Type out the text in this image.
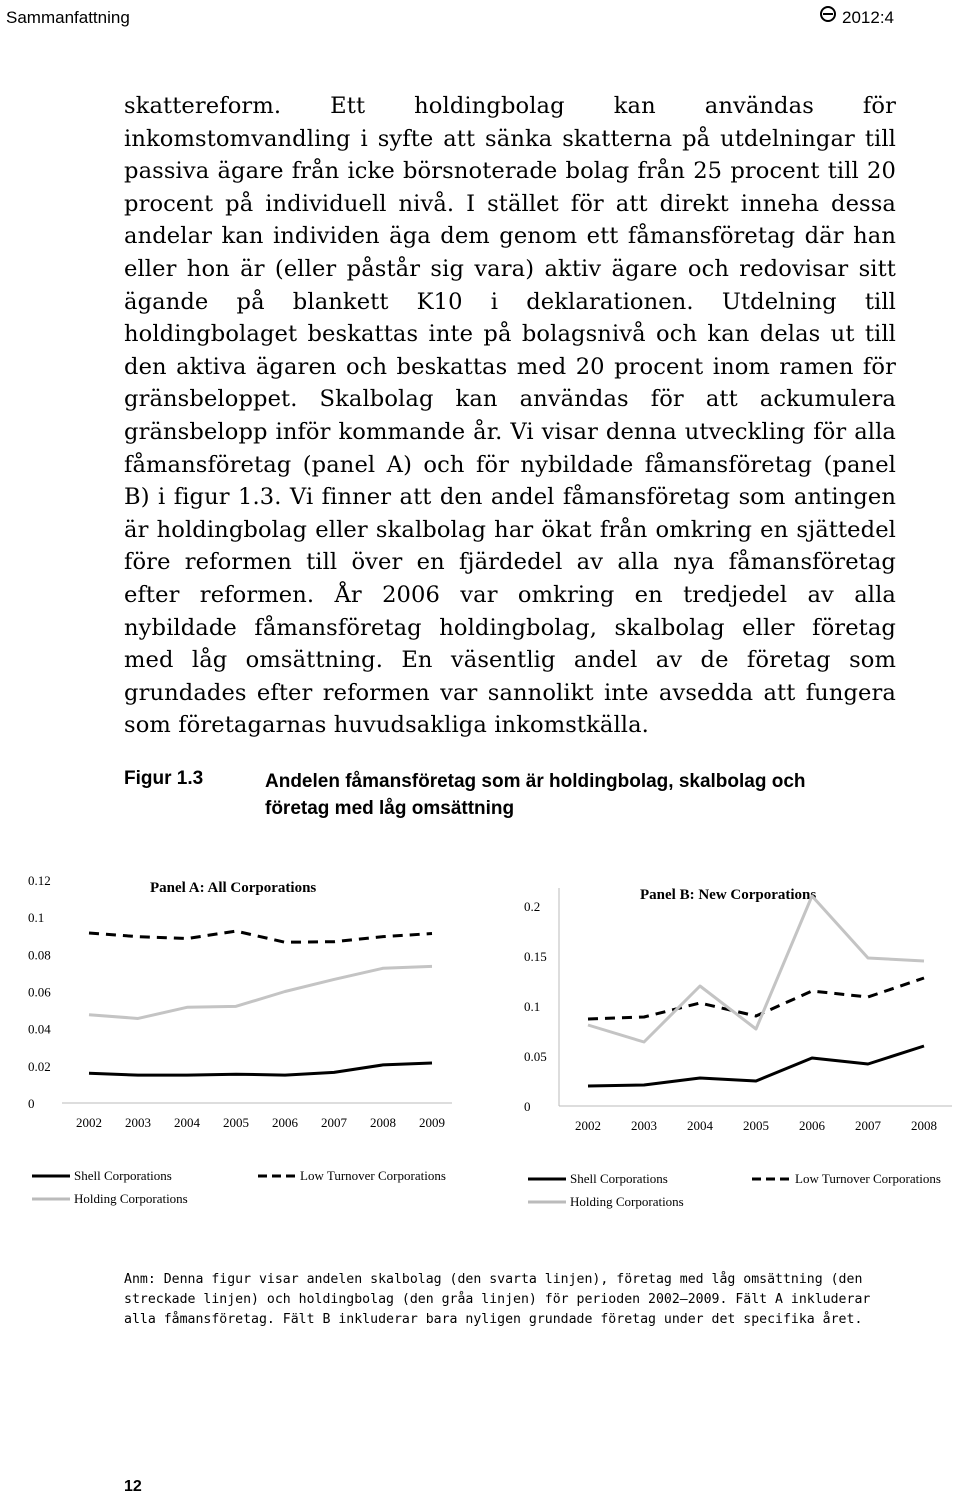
Sammanfattning	2012:4
skattereform. Ett holdingbolag kan användas för inkomstomvandling i syfte att sänka skatterna på utdelningar till passiva ägare från icke börsnoterade bolag från 25 procent till 20 procent på individuell nivå. I stället för att direkt inneha dessa andelar kan individen äga dem genom ett fåmansföretag där han eller hon är (eller påstår sig vara) aktiv ägare och redovisar sitt ägande på blankett K10 i deklarationen. Utdelning till holdingbolaget beskattas inte på bolagsnivå och kan delas ut till den aktiva ägaren och beskattas med 20 procent inom ramen för gränsbeloppet. Skalbolag kan användas för att ackumulera gränsbelopp inför kommande år. Vi visar denna utveckling för alla fåmansföretag (panel A) och för nybildade fåmansföretag (panel B) i figur 1.3. Vi finner att den andel fåmansföretag som antingen är holdingbolag eller skalbolag har ökat från omkring en sjättedel före reformen till över en fjärdedel av alla nya fåmansföretag efter reformen. År 2006 var omkring en tredjedel av alla nybildade fåmansföretag holdingbolag, skalbolag eller företag med låg omsättning. En väsentlig andel av de företag som grundades efter reformen var sannolikt inte avsedda att fungera som företagarnas huvudsakliga inkomstkälla.
Figur 1.3	Andelen fåmansföretag som är holdingbolag, skalbolag och företag med låg omsättning
Panel A: All Corporations
0
0.02
0.04
0.06
0.08
0.1
0.12
2002 2003 2004 2005 2006 2007 2008 2009
Panel B: New Corporations
0
0.05
0.1
0.15
0.2
2002 2003 2004 2005 2006 2007 2008
Shell Corporations	Low Turnover Corporations
Holding Corporations
Shell Corporations	Low Turnover Corporations
Holding Corporations
Anm: Denna figur visar andelen skalbolag (den svarta linjen), företag med låg omsättning (den streckade linjen) och holdingbolag (den gråa linjen) för perioden 2002–2009. Fält A inkluderar alla fåmansföretag. Fält B inkluderar bara nyligen grundade företag under det specifika året.
12
